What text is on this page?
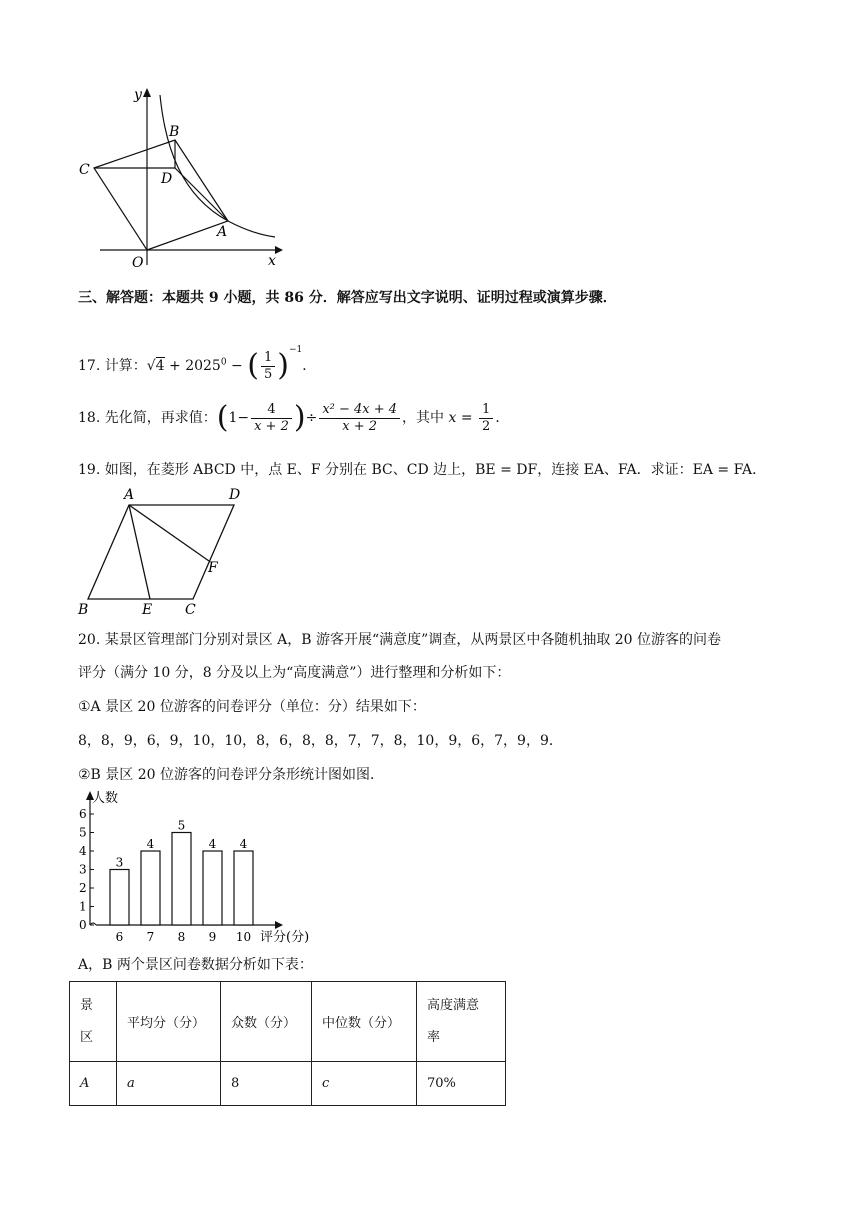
y
x
O
A
B
C
D
三、解答题：本题共 9 小题，共 86 分．解答应写出文字说明、证明过程或演算步骤．
17. 计算：$√4 + 2025^0$ − ( $\frac{1}{5} )^{-1}$．
18. 先化简，再求值：($1- \frac{4}{x + 2}$ )÷ $\frac{\text{x² − 4x + 4}}{x + 2}$ ，其中 $x = \frac{1}{2}$ ．
19. 如图，在菱形 ABCD 中，点 E、F 分别在 BC、CD 边上，BE = DF，连接 EA、FA．求证：EA = FA．
A	D
F
B	E C
20. 某景区管理部门分别对景区 A，B 游客开展“满意度”调查，从两景区中各随机抽取 20 位游客的问卷
评分（满分 10 分，8 分及以上为“高度满意”）进行整理和分析如下：
①A 景区 20 位游客的问卷评分（单位：分）结果如下：
8，8，9，6，9，10，10，8，6，8，8，7，7，8，10，9，6，7，9，9．
②B 景区 20 位游客的问卷评分条形统计图如图．
人数
评分(分)
0
1
2
3
4
5
6
3
6
4
7
5
8
4
9
4
10
A，B 两个景区问卷数据分析如下表：
景区	平均分（分）	众数（分）	中位数（分）	高度满意率
A	a	8	c	70%
